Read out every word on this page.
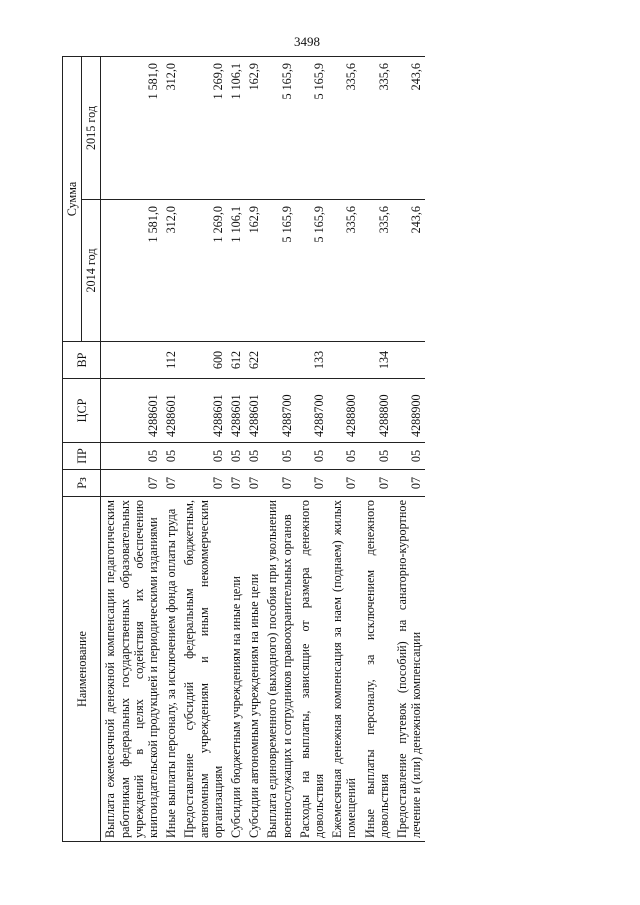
3498
Наименование	Рз	ПР	ЦСР	ВР	Сумма	
					2014 год	2015 год
Выплата ежемесячной денежной компенсации педагогическим работникам федеральных государственных образовательных учреждений в целях содействия их обеспечению книгоиздательской продукцией и периодическими изданиями	07	05	4288601		1 581,0	1 581,0
Иные выплаты персоналу, за исключением фонда оплаты труда	07	05	4288601	112	312,0	312,0
Предоставление субсидий федеральным бюджетным, автономным учреждениям и иным некоммерческим организациям	07	05	4288601	600	1 269,0	1 269,0
Субсидии бюджетным учреждениям на иные цели	07	05	4288601	612	1 106,1	1 106,1
Субсидии автономным учреждениям на иные цели	07	05	4288601	622	162,9	162,9
Выплата единовременного (выходного) пособия при увольнении военнослужащих и сотрудников правоохранительных органов	07	05	4288700		5 165,9	5 165,9
Расходы на выплаты, зависящие от размера денежного довольствия	07	05	4288700	133	5 165,9	5 165,9
Ежемесячная денежная компенсация за наем (поднаем) жилых помещений	07	05	4288800		335,6	335,6
Иные выплаты персоналу, за исключением денежного довольствия	07	05	4288800	134	335,6	335,6
Предоставление путевок (пособий) на санаторно-курортное лечение и (или) денежной компенсации	07	05	4288900		243,6	243,6
